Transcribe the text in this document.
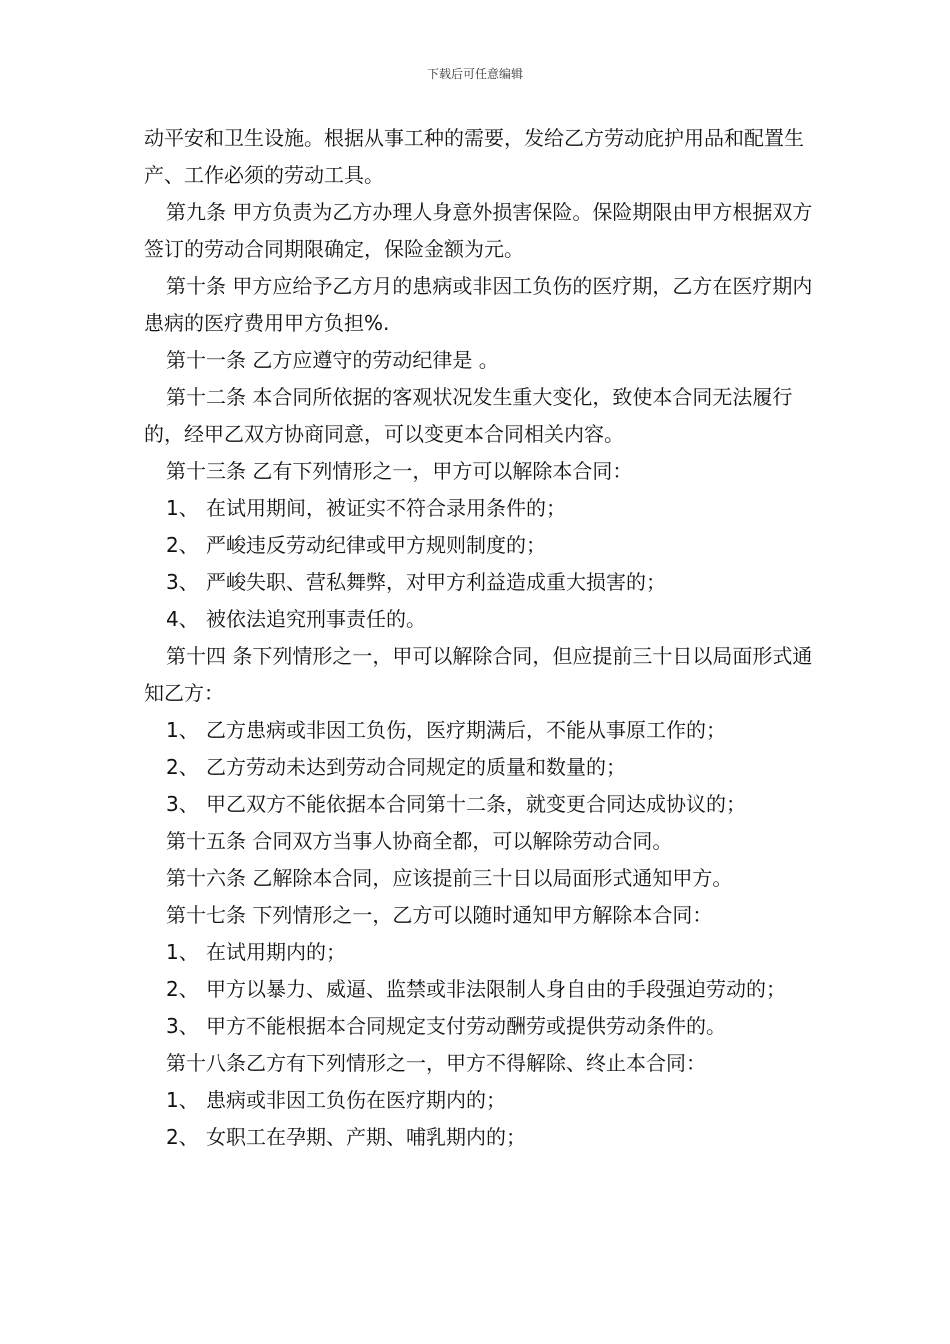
下载后可任意编辑

动平安和卫生设施。根据从事工种的需要，发给乙方劳动庇护用品和配置生产、工作必须的劳动工具。

第九条 甲方负责为乙方办理人身意外损害保险。保险期限由甲方根据双方签订的劳动合同期限确定，保险金额为元。

第十条 甲方应给予乙方月的患病或非因工负伤的医疗期，乙方在医疗期内患病的医疗费用甲方负担%.

第十一条 乙方应遵守的劳动纪律是 。

第十二条 本合同所依据的客观状况发生重大变化，致使本合同无法履行的，经甲乙双方协商同意，可以变更本合同相关内容。

第十三条 乙有下列情形之一，甲方可以解除本合同：

1、 在试用期间，被证实不符合录用条件的；

2、 严峻违反劳动纪律或甲方规则制度的；

3、 严峻失职、营私舞弊，对甲方利益造成重大损害的；

4、 被依法追究刑事责任的。

第十四 条下列情形之一，甲可以解除合同，但应提前三十日以局面形式通知乙方：

1、 乙方患病或非因工负伤，医疗期满后，不能从事原工作的；

2、 乙方劳动未达到劳动合同规定的质量和数量的；

3、 甲乙双方不能依据本合同第十二条，就变更合同达成协议的；

第十五条 合同双方当事人协商全都，可以解除劳动合同。

第十六条 乙解除本合同，应该提前三十日以局面形式通知甲方。

第十七条 下列情形之一，乙方可以随时通知甲方解除本合同：

1、 在试用期内的；

2、 甲方以暴力、威逼、监禁或非法限制人身自由的手段强迫劳动的；

3、 甲方不能根据本合同规定支付劳动酬劳或提供劳动条件的。

第十八条乙方有下列情形之一，甲方不得解除、终止本合同：

1、 患病或非因工负伤在医疗期内的；

2、 女职工在孕期、产期、哺乳期内的；
